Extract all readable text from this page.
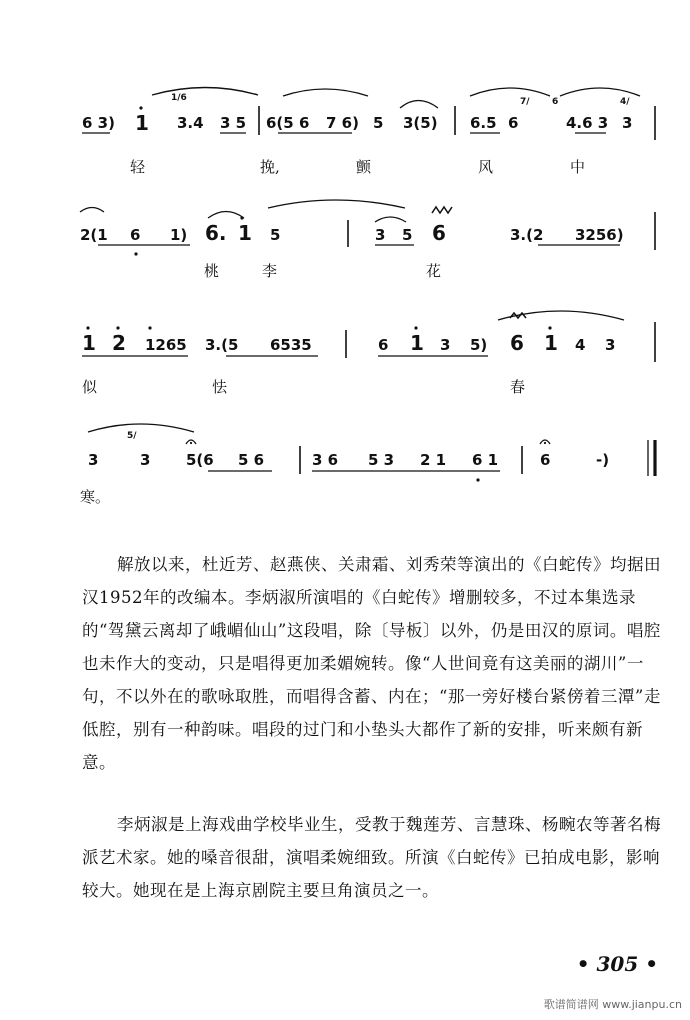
1/6	7/ 6	4/
6 3) 1 3.4 3 5 6(5 6 7 6) 5 3(5) 6.5 6	4.6 3 3
轻	挽,	颤	风	中
2(1 6 1) 6. 1 5	3 5 6	3.(2 3256)
桃	李	花
1 2 1265 3.(5 6535	6 1 3 5) 6 1 4 3
似	怯	春
5/
3	3 5(6 5 6	3 6 5 3 2 1 6 1	6	-)
寒。

解放以来，杜近芳、赵燕侠、关肃霜、刘秀荣等演出的《白蛇传》均据田汉1952年的改编本。李炳淑所演唱的《白蛇传》增删较多，不过本集选录的“驾黛云离却了峨嵋仙山”这段唱，除〔导板〕以外，仍是田汉的原词。唱腔也未作大的变动，只是唱得更加柔媚婉转。像“人世间竟有这美丽的湖川”一句，不以外在的歌咏取胜，而唱得含蓄、内在；“那一旁好楼台紧傍着三潭”走低腔，别有一种韵味。唱段的过门和小垫头大都作了新的安排，听来颇有新意。

李炳淑是上海戏曲学校毕业生，受教于魏莲芳、言慧珠、杨畹农等著名梅派艺术家。她的嗓音很甜，演唱柔婉细致。所演《白蛇传》已拍成电影，影响较大。她现在是上海京剧院主要旦角演员之一。

• 305 •
歌谱简谱网 www.jianpu.cn
